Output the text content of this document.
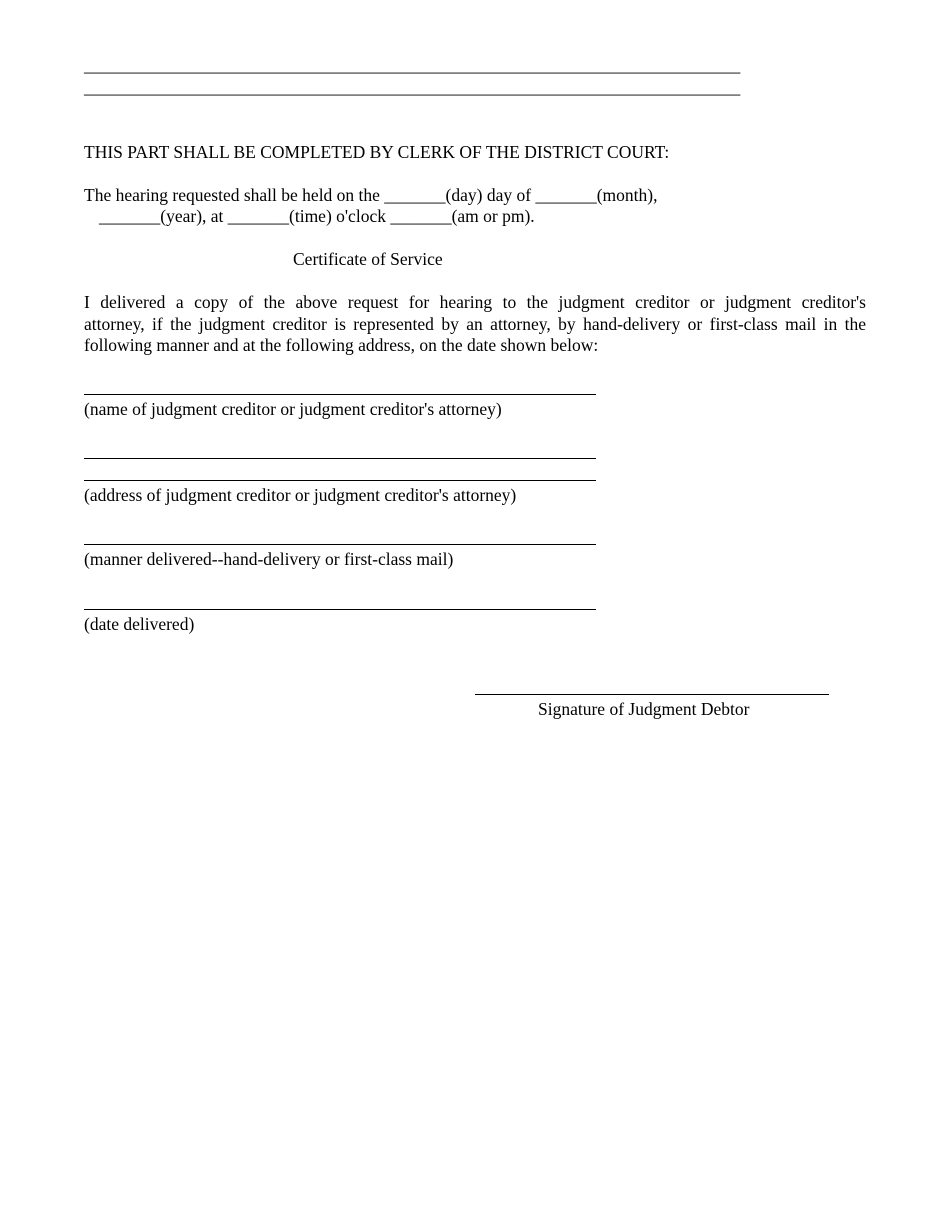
___________________________________________________________________________
___________________________________________________________________________
THIS PART SHALL BE COMPLETED BY CLERK OF THE DISTRICT COURT:
The hearing requested shall be held on the _______(day) day of _______(month),
_______(year), at _______(time) o'clock _______(am or pm).
Certificate of Service
I delivered a copy of the above request for hearing to the judgment creditor or judgment creditor's
attorney, if the judgment creditor is represented by an attorney, by hand-delivery or first-class mail in the
following manner and at the following address, on the date shown below:
(name of judgment creditor or judgment creditor's attorney)
(address of judgment creditor or judgment creditor's attorney)
(manner delivered--hand-delivery or first-class mail)
(date delivered)
Signature of Judgment Debtor
